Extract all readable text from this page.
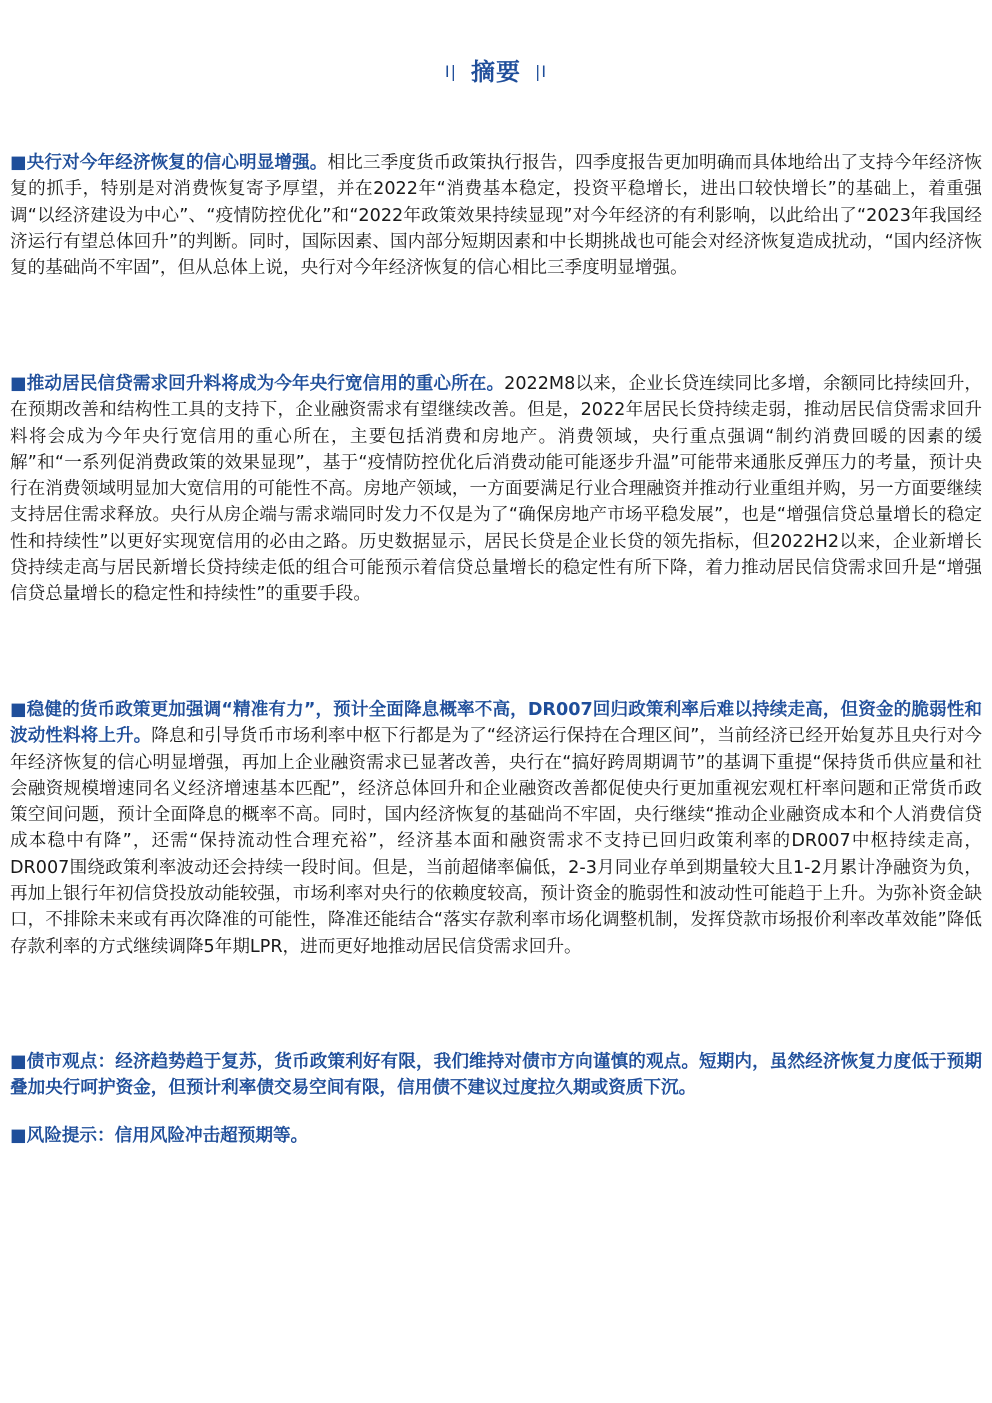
I| 摘要 |I

■央行对今年经济恢复的信心明显增强。相比三季度货币政策执行报告，四季度报告更加明确而具体地给出了支持今年经济恢复的抓手，特别是对消费恢复寄予厚望，并在2022年“消费基本稳定，投资平稳增长，进出口较快增长”的基础上，着重强调“以经济建设为中心”、“疫情防控优化”和“2022年政策效果持续显现”对今年经济的有利影响，以此给出了“2023年我国经济运行有望总体回升”的判断。同时，国际因素、国内部分短期因素和中长期挑战也可能会对经济恢复造成扰动，“国内经济恢复的基础尚不牢固”，但从总体上说，央行对今年经济恢复的信心相比三季度明显增强。

■推动居民信贷需求回升料将成为今年央行宽信用的重心所在。2022M8以来，企业长贷连续同比多增，余额同比持续回升，在预期改善和结构性工具的支持下，企业融资需求有望继续改善。但是，2022年居民长贷持续走弱，推动居民信贷需求回升料将会成为今年央行宽信用的重心所在，主要包括消费和房地产。消费领域，央行重点强调“制约消费回暖的因素的缓解”和“一系列促消费政策的效果显现”，基于“疫情防控优化后消费动能可能逐步升温”可能带来通胀反弹压力的考量，预计央行在消费领域明显加大宽信用的可能性不高。房地产领域，一方面要满足行业合理融资并推动行业重组并购，另一方面要继续支持居住需求释放。央行从房企端与需求端同时发力不仅是为了“确保房地产市场平稳发展”，也是“增强信贷总量增长的稳定性和持续性”以更好实现宽信用的必由之路。历史数据显示，居民长贷是企业长贷的领先指标，但2022H2以来，企业新增长贷持续走高与居民新增长贷持续走低的组合可能预示着信贷总量增长的稳定性有所下降，着力推动居民信贷需求回升是“增强信贷总量增长的稳定性和持续性”的重要手段。

■稳健的货币政策更加强调“精准有力”，预计全面降息概率不高，DR007回归政策利率后难以持续走高，但资金的脆弱性和波动性料将上升。降息和引导货币市场利率中枢下行都是为了“经济运行保持在合理区间”，当前经济已经开始复苏且央行对今年经济恢复的信心明显增强，再加上企业融资需求已显著改善，央行在“搞好跨周期调节”的基调下重提“保持货币供应量和社会融资规模增速同名义经济增速基本匹配”，经济总体回升和企业融资改善都促使央行更加重视宏观杠杆率问题和正常货币政策空间问题，预计全面降息的概率不高。同时，国内经济恢复的基础尚不牢固，央行继续“推动企业融资成本和个人消费信贷成本稳中有降”，还需“保持流动性合理充裕”，经济基本面和融资需求不支持已回归政策利率的DR007中枢持续走高，DR007围绕政策利率波动还会持续一段时间。但是，当前超储率偏低，2-3月同业存单到期量较大且1-2月累计净融资为负，再加上银行年初信贷投放动能较强，市场利率对央行的依赖度较高，预计资金的脆弱性和波动性可能趋于上升。为弥补资金缺口，不排除未来或有再次降准的可能性，降准还能结合“落实存款利率市场化调整机制，发挥贷款市场报价利率改革效能”降低存款利率的方式继续调降5年期LPR，进而更好地推动居民信贷需求回升。

■债市观点：经济趋势趋于复苏，货币政策利好有限，我们维持对债市方向谨慎的观点。短期内，虽然经济恢复力度低于预期叠加央行呵护资金，但预计利率债交易空间有限，信用债不建议过度拉久期或资质下沉。

■风险提示：信用风险冲击超预期等。
